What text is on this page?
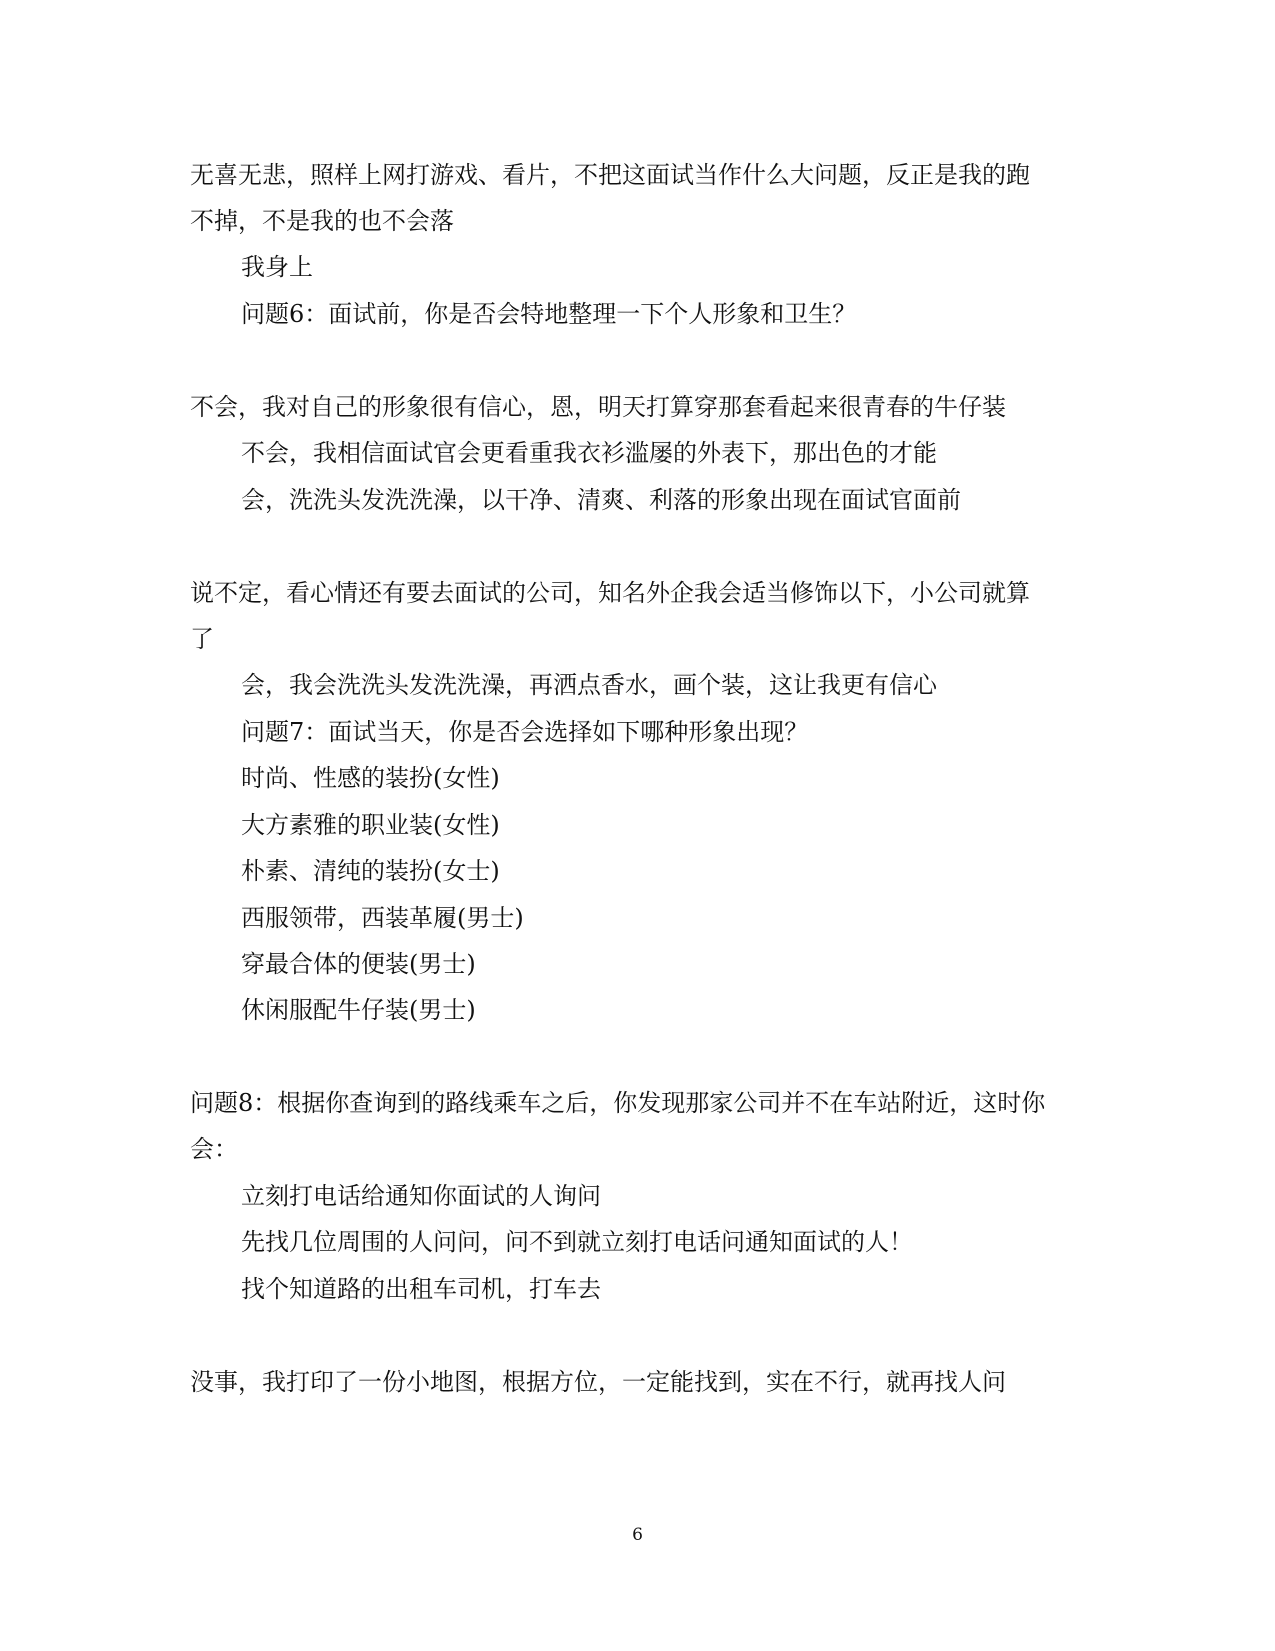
无喜无悲，照样上网打游戏、看片，不把这面试当作什么大问题，反正是我的跑
不掉，不是我的也不会落
我身上
问题6：面试前，你是否会特地整理一下个人形象和卫生？
不会，我对自己的形象很有信心，恩，明天打算穿那套看起来很青春的牛仔装
不会，我相信面试官会更看重我衣衫滥屡的外表下，那出色的才能
会，洗洗头发洗洗澡，以干净、清爽、利落的形象出现在面试官面前
说不定，看心情还有要去面试的公司，知名外企我会适当修饰以下，小公司就算
了
会，我会洗洗头发洗洗澡，再洒点香水，画个装，这让我更有信心
问题7：面试当天，你是否会选择如下哪种形象出现？
时尚、性感的装扮(女性)
大方素雅的职业装(女性)
朴素、清纯的装扮(女士)
西服领带，西装革履(男士)
穿最合体的便装(男士)
休闲服配牛仔装(男士)
问题8：根据你查询到的路线乘车之后，你发现那家公司并不在车站附近，这时你
会：
立刻打电话给通知你面试的人询问
先找几位周围的人问问，问不到就立刻打电话问通知面试的人！
找个知道路的出租车司机，打车去
没事，我打印了一份小地图，根据方位，一定能找到，实在不行，就再找人问
6
